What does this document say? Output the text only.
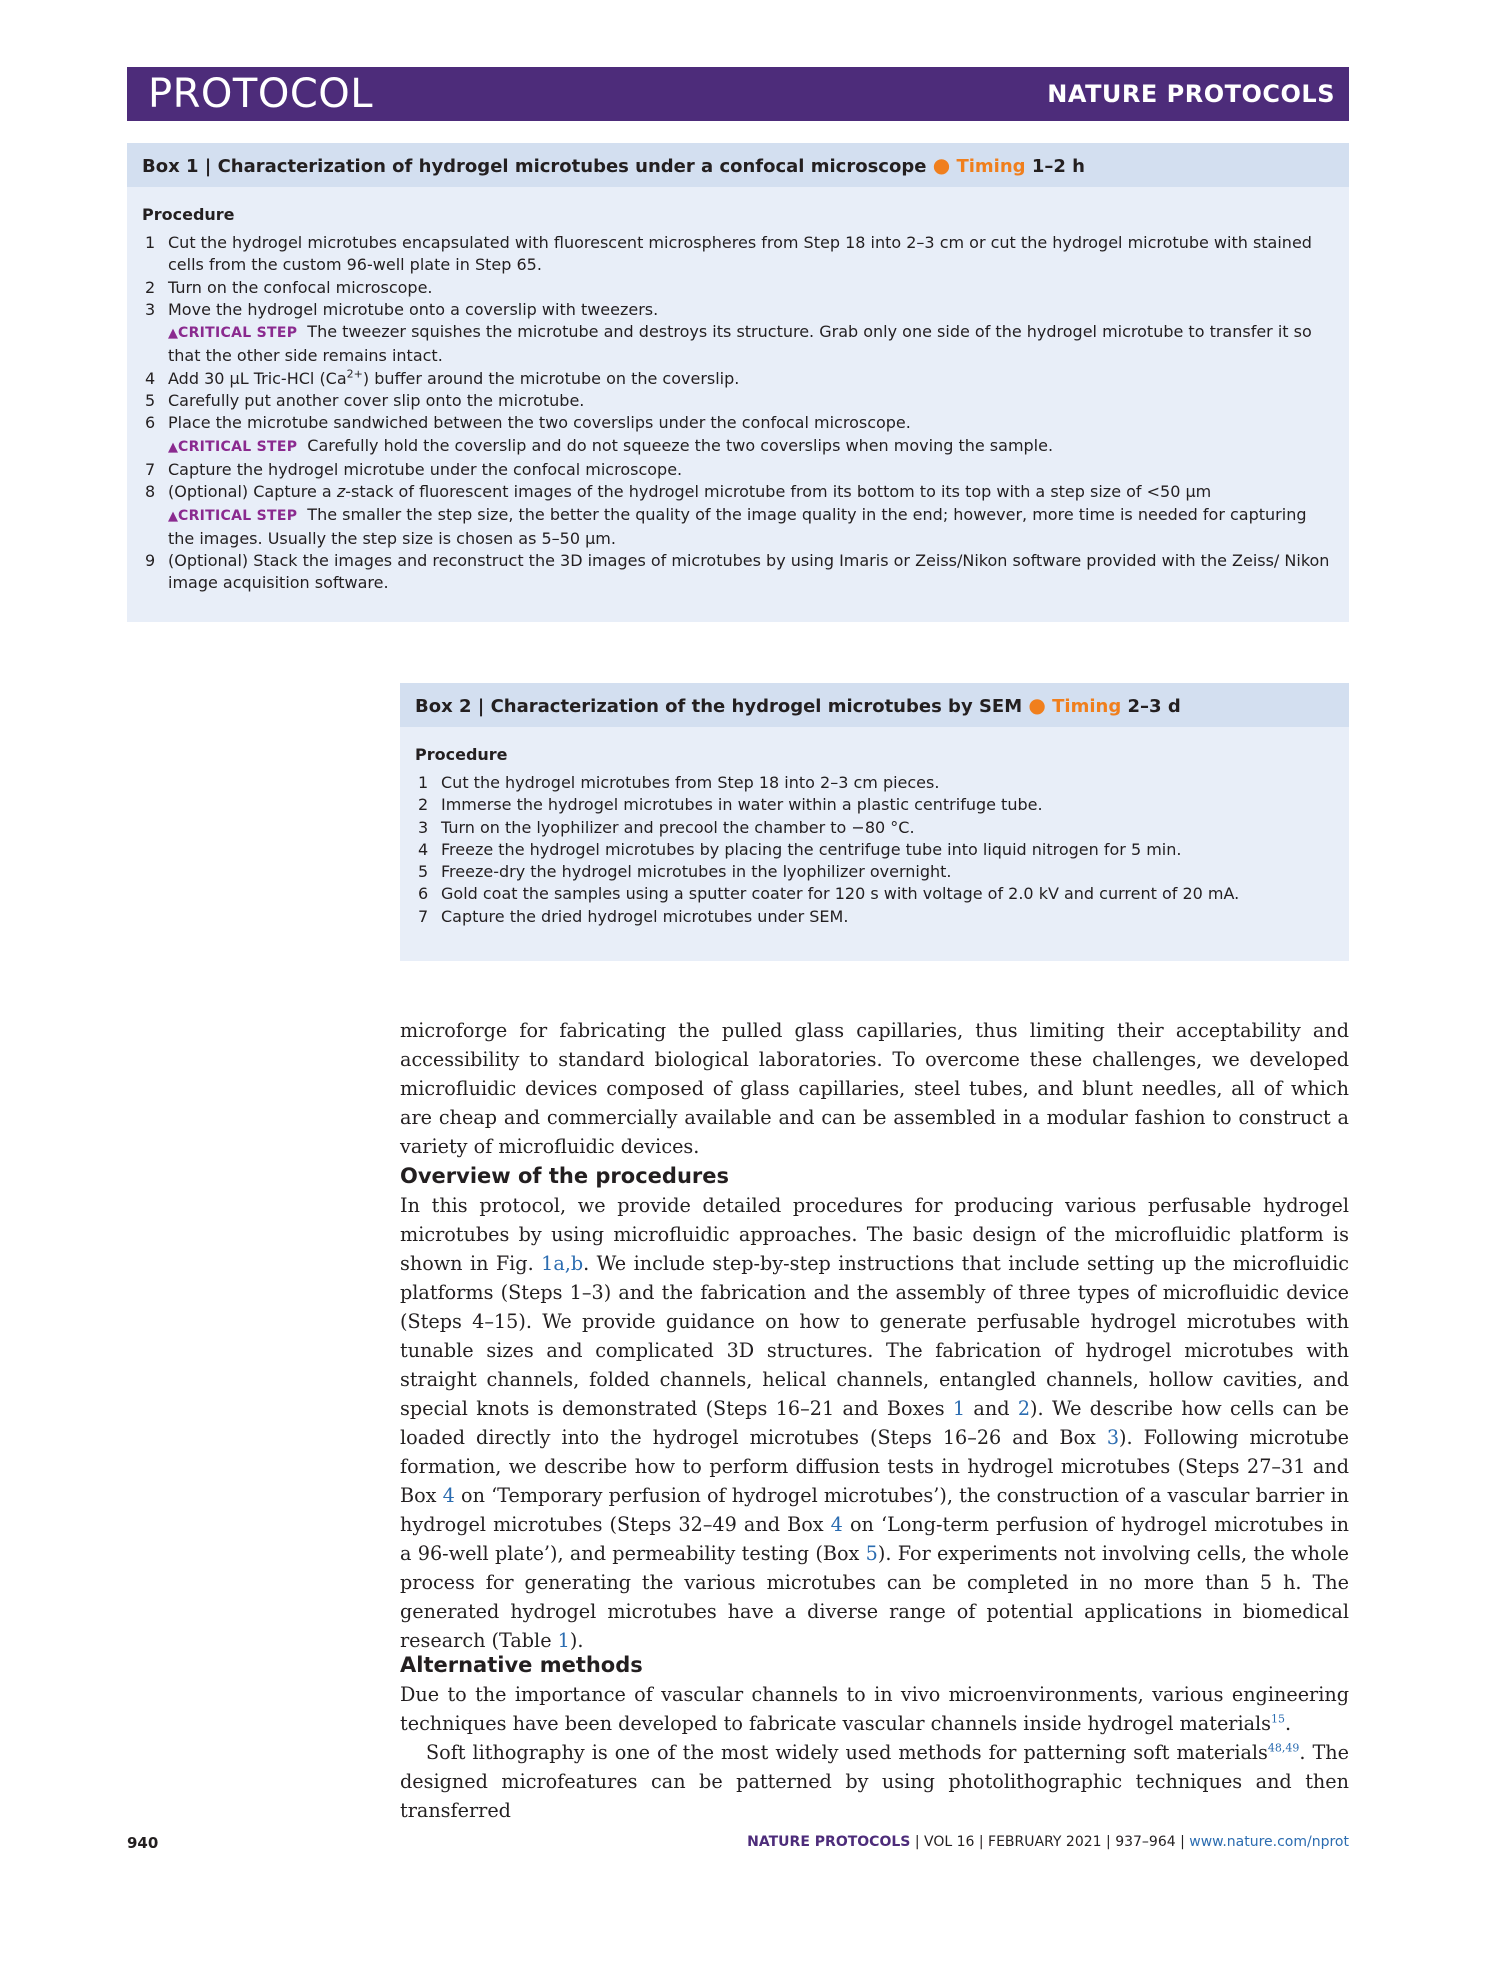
PROTOCOL	NATURE PROTOCOLS
Box 1 | Characterization of hydrogel microtubes under a confocal microscope ● Timing 1–2 h
Procedure
1 Cut the hydrogel microtubes encapsulated with fluorescent microspheres from Step 18 into 2–3 cm or cut the hydrogel microtube with stained cells from the custom 96-well plate in Step 65.
2 Turn on the confocal microscope.
3 Move the hydrogel microtube onto a coverslip with tweezers.
▲CRITICAL STEP The tweezer squishes the microtube and destroys its structure. Grab only one side of the hydrogel microtube to transfer it so that the other side remains intact.
4 Add 30 μL Tric-HCl $(Ca^{2+})$ buffer around the microtube on the coverslip.
5 Carefully put another cover slip onto the microtube.
6 Place the microtube sandwiched between the two coverslips under the confocal microscope.
▲CRITICAL STEP Carefully hold the coverslip and do not squeeze the two coverslips when moving the sample.
7 Capture the hydrogel microtube under the confocal microscope.
8 (Optional) Capture a z-stack of fluorescent images of the hydrogel microtube from its bottom to its top with a step size of <50 μm
▲CRITICAL STEP The smaller the step size, the better the quality of the image quality in the end; however, more time is needed for capturing the images. Usually the step size is chosen as 5–50 μm.
9 (Optional) Stack the images and reconstruct the 3D images of microtubes by using Imaris or Zeiss/Nikon software provided with the Zeiss/ Nikon image acquisition software.
Box 2 | Characterization of the hydrogel microtubes by SEM ● Timing 2–3 d
Procedure
1 Cut the hydrogel microtubes from Step 18 into 2–3 cm pieces.
2 Immerse the hydrogel microtubes in water within a plastic centrifuge tube.
3 Turn on the lyophilizer and precool the chamber to −80 °C.
4 Freeze the hydrogel microtubes by placing the centrifuge tube into liquid nitrogen for 5 min.
5 Freeze-dry the hydrogel microtubes in the lyophilizer overnight.
6 Gold coat the samples using a sputter coater for 120 s with voltage of 2.0 kV and current of 20 mA.
7 Capture the dried hydrogel microtubes under SEM.
microforge for fabricating the pulled glass capillaries, thus limiting their acceptability and accessibility to standard biological laboratories. To overcome these challenges, we developed microfluidic devices composed of glass capillaries, steel tubes, and blunt needles, all of which are cheap and commercially available and can be assembled in a modular fashion to construct a variety of microfluidic devices.
Overview of the procedures
In this protocol, we provide detailed procedures for producing various perfusable hydrogel microtubes by using microfluidic approaches. The basic design of the microfluidic platform is shown in Fig. 1a,b. We include step-by-step instructions that include setting up the microfluidic platforms (Steps 1–3) and the fabrication and the assembly of three types of microfluidic device (Steps 4–15). We provide guidance on how to generate perfusable hydrogel microtubes with tunable sizes and complicated 3D structures. The fabrication of hydrogel microtubes with straight channels, folded channels, helical channels, entangled channels, hollow cavities, and special knots is demonstrated (Steps 16–21 and Boxes 1 and 2). We describe how cells can be loaded directly into the hydrogel microtubes (Steps 16–26 and Box 3). Following microtube formation, we describe how to perform diffusion tests in hydrogel microtubes (Steps 27–31 and Box 4 on ‘Temporary perfusion of hydrogel microtubes’), the construction of a vascular barrier in hydrogel microtubes (Steps 32–49 and Box 4 on ‘Long-term perfusion of hydrogel microtubes in a 96-well plate’), and permeability testing (Box 5). For experiments not involving cells, the whole process for generating the various microtubes can be completed in no more than 5 h. The generated hydrogel microtubes have a diverse range of potential applications in biomedical research (Table 1).
Alternative methods
Due to the importance of vascular channels to in vivo microenvironments, various engineering techniques have been developed to fabricate vascular channels inside hydrogel materials$^{15}$.
Soft lithography is one of the most widely used methods for patterning soft materials$^{48,49}$. The designed microfeatures can be patterned by using photolithographic techniques and then transferred
940	NATURE PROTOCOLS | VOL 16 | FEBRUARY 2021 | 937–964 | www.nature.com/nprot
